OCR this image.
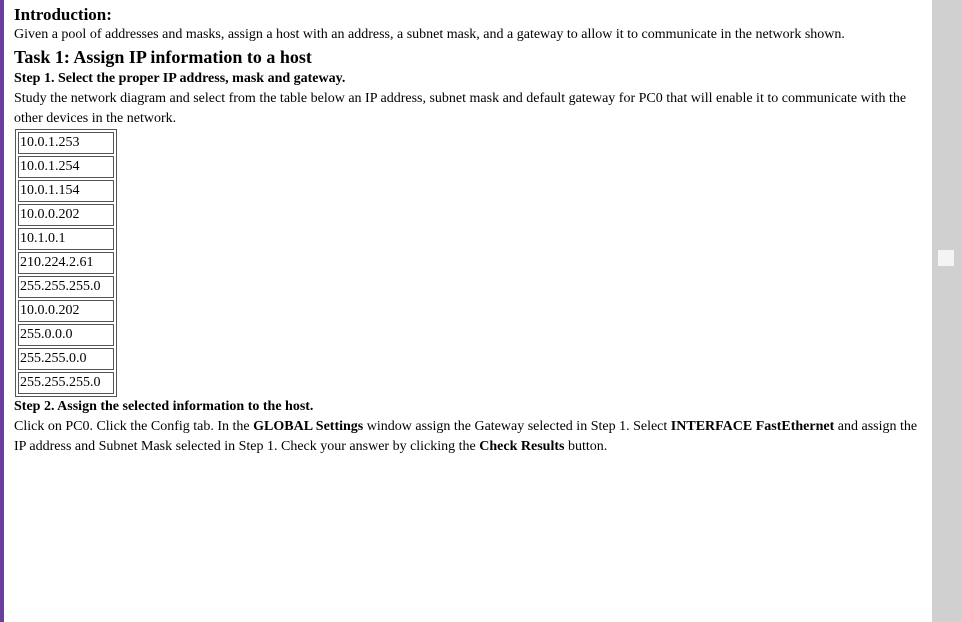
Introduction:

Given a pool of addresses and masks, assign a host with an address, a subnet mask, and a gateway to allow it to communicate in the network shown.

Task 1: Assign IP information to a host
Step 1. Select the proper IP address, mask and gateway.

Study the network diagram and select from the table below an IP address, subnet mask and default gateway for PC0 that will enable it to communicate with the other devices in the network.

10.0.1.253
10.0.1.254
10.0.1.154
10.0.0.202
10.1.0.1
210.224.2.61
255.255.255.0
10.0.0.202
255.0.0.0
255.255.0.0
255.255.255.0
Step 2. Assign the selected information to the host.

Click on PC0. Click the Config tab. In the GLOBAL Settings window assign the Gateway selected in Step 1. Select INTERFACE FastEthernet and assign the IP address and Subnet Mask selected in Step 1. Check your answer by clicking the Check Results button.
